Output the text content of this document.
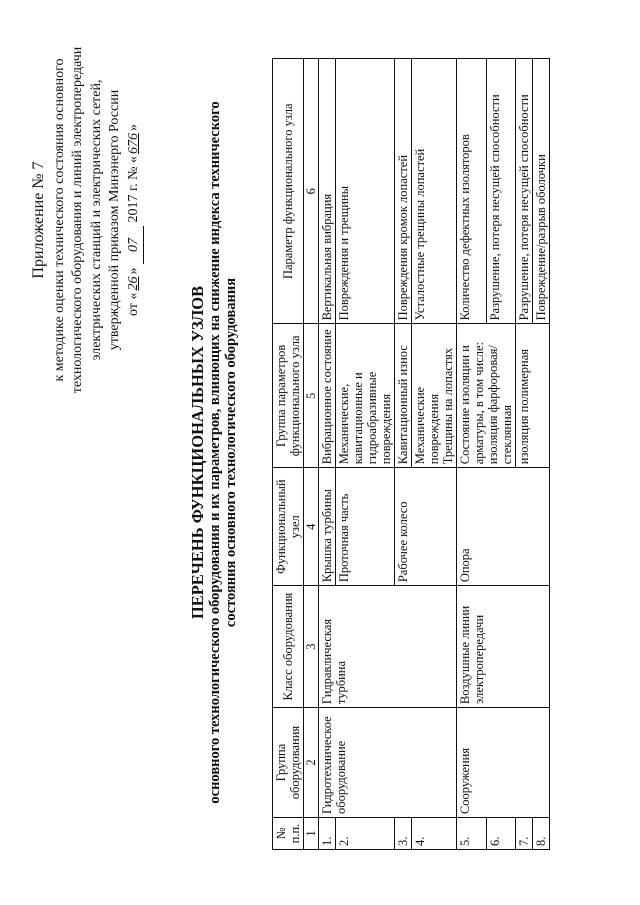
Приложение № 7 к методике оценки технического состояния основного технологического оборудования и линий электропередачи электрических станций и электрических сетей, утвержденной приказом Минэнерго России от «26» 07 2017 г. № «676»
ПЕРЕЧЕНЬ ФУНКЦИОНАЛЬНЫХ УЗЛОВ основного технологического оборудования и их параметров, влияющих на снижение индекса технического состояния основного технологического оборудования
№ п.п.	Группа оборудования	Класс оборудования	Функциональный узел	Группа параметров функционального узла	Параметр функционального узла
1	2	3	4	5	6
1.	Гидротехническое оборудование	Гидравлическая турбина	Крышка турбины	Вибрационное состояние	Вертикальная вибрация
2.			Проточная часть	Механические, кавитационные и гидроабразивные повреждения	Повреждения и трещины
3.			Рабочее колесо	Кавитационный износ	Повреждения кромок лопастей
4.				Механические повреждения Трещины на лопастях	Усталостные трещины лопастей
5.	Сооружения	Воздушные линии электропередачи	Опора	Состояние изоляции и арматуры, в том числе: изоляция фарфоровая/стеклянная	Количество дефектных изоляторов
6.					Разрушение, потеря несущей способности
7.				изоляция полимерная	Разрушение, потеря несущей способности
8.					Повреждение/разрыв оболочки
